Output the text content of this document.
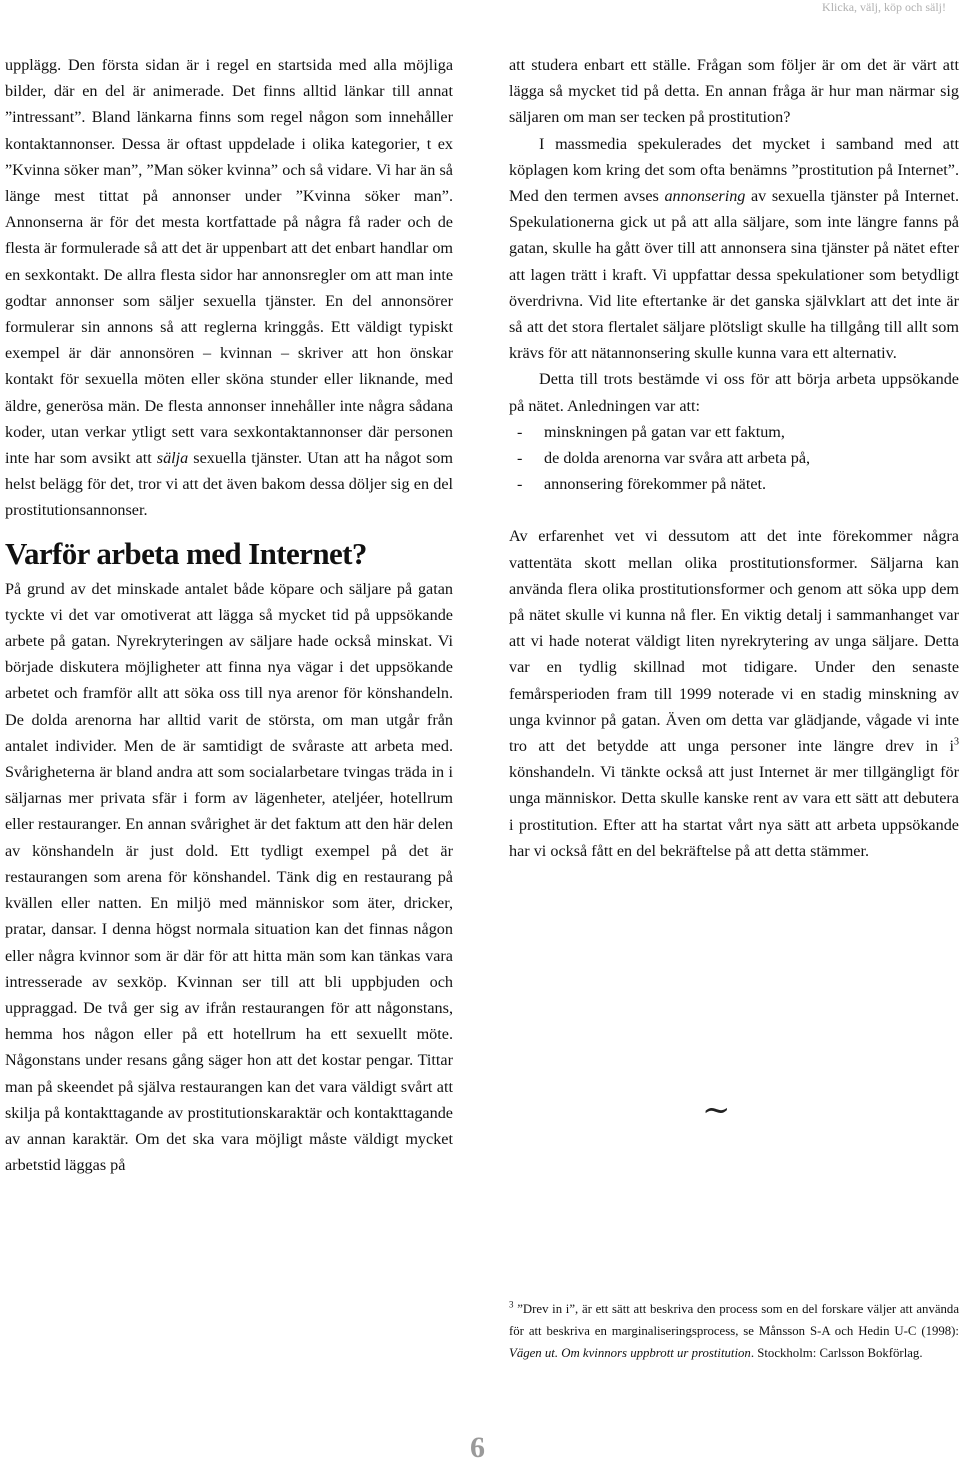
Klicka, välj, köp och sälj!

upplägg. Den första sidan är i regel en startsida med alla möjliga bilder, där en del är animerade. Det finns alltid länkar till annat ”intressant”. Bland länkarna finns som regel någon som innehåller kontaktannonser. Dessa är oftast uppdelade i olika kategorier, t ex ”Kvinna söker man”, ”Man söker kvinna” och så vidare. Vi har än så länge mest tittat på annonser under ”Kvinna söker man”. Annonserna är för det mesta kortfattade på några få rader och de flesta är formulerade så att det är uppenbart att det enbart handlar om en sexkontakt. De allra flesta sidor har annonsregler om att man inte godtar annonser som säljer sexuella tjänster. En del annonsörer formulerar sin annons så att reglerna kringgås. Ett väldigt typiskt exempel är där annonsören – kvinnan – skriver att hon önskar kontakt för sexuella möten eller sköna stunder eller liknande, med äldre, generösa män. De flesta annonser innehåller inte några sådana koder, utan verkar ytligt sett vara sexkontaktannonser där personen inte har som avsikt att sälja sexuella tjänster. Utan att ha något som helst belägg för det, tror vi att det även bakom dessa döljer sig en del prostitutionsannonser.

Varför arbeta med Internet?

På grund av det minskade antalet både köpare och säljare på gatan tyckte vi det var omotiverat att lägga så mycket tid på uppsökande arbete på gatan. Nyrekryteringen av säljare hade också minskat. Vi började diskutera möjligheter att finna nya vägar i det uppsökande arbetet och framför allt att söka oss till nya arenor för könshandeln. De dolda arenorna har alltid varit de största, om man utgår från antalet individer. Men de är samtidigt de svåraste att arbeta med. Svårigheterna är bland andra att som socialarbetare tvingas träda in i säljarnas mer privata sfär i form av lägenheter, ateljéer, hotellrum eller restauranger. En annan svårighet är det faktum att den här delen av könshandeln är just dold. Ett tydligt exempel på det är restaurangen som arena för könshandel. Tänk dig en restaurang på kvällen eller natten. En miljö med människor som äter, dricker, pratar, dansar. I denna högst normala situation kan det finnas någon eller några kvinnor som är där för att hitta män som kan tänkas vara intresserade av sexköp. Kvinnan ser till att bli uppbjuden och uppraggad. De två ger sig av ifrån restaurangen för att någonstans, hemma hos någon eller på ett hotellrum ha ett sexuellt möte. Någonstans under resans gång säger hon att det kostar pengar. Tittar man på skeendet på själva restaurangen kan det vara väldigt svårt att skilja på kontakttagande av prostitutionskaraktär och kontakttagande av annan karaktär. Om det ska vara möjligt måste väldigt mycket arbetstid läggas på

att studera enbart ett ställe. Frågan som följer är om det är värt att lägga så mycket tid på detta. En annan fråga är hur man närmar sig säljaren om man ser tecken på prostitution?

I massmedia spekulerades det mycket i samband med att köplagen kom kring det som ofta benämns ”prostitution på Internet”. Med den termen avses annonsering av sexuella tjänster på Internet. Spekulationerna gick ut på att alla säljare, som inte längre fanns på gatan, skulle ha gått över till att annonsera sina tjänster på nätet efter att lagen trätt i kraft. Vi uppfattar dessa spekulationer som betydligt överdrivna. Vid lite eftertanke är det ganska självklart att det inte är så att det stora flertalet säljare plötsligt skulle ha tillgång till allt som krävs för att nätannonsering skulle kunna vara ett alternativ.

Detta till trots bestämde vi oss för att börja arbeta uppsökande på nätet. Anledningen var att:

-	minskningen på gatan var ett faktum,
-	de dolda arenorna var svåra att arbeta på,
-	annonsering förekommer på nätet.

Av erfarenhet vet vi dessutom att det inte förekommer några vattentäta skott mellan olika prostitutionsformer. Säljarna kan använda flera olika prostitutionsformer och genom att söka upp dem på nätet skulle vi kunna nå fler. En viktig detalj i sammanhanget var att vi hade noterat väldigt liten nyrekrytering av unga säljare. Detta var en tydlig skillnad mot tidigare. Under den senaste femårsperioden fram till 1999 noterade vi en stadig minskning av unga kvinnor på gatan. Även om detta var glädjande, vågade vi inte tro att det betydde att unga personer inte längre drev in $i^3$ könshandeln. Vi tänkte också att just Internet är mer tillgängligt för unga människor. Detta skulle kanske rent av vara ett sätt att debutera i prostitution. Efter att ha startat vårt nya sätt att arbeta uppsökande har vi också fått en del bekräftelse på att detta stämmer.

~
$^3$ ”Drev in i”, är ett sätt att beskriva den process som en del forskare väljer att använda för att beskriva en marginaliseringsprocess, se Månsson S-A och Hedin U-C (1998): Vägen ut. Om kvinnors uppbrott ur prostitution. Stockholm: Carlsson Bokförlag.
6
